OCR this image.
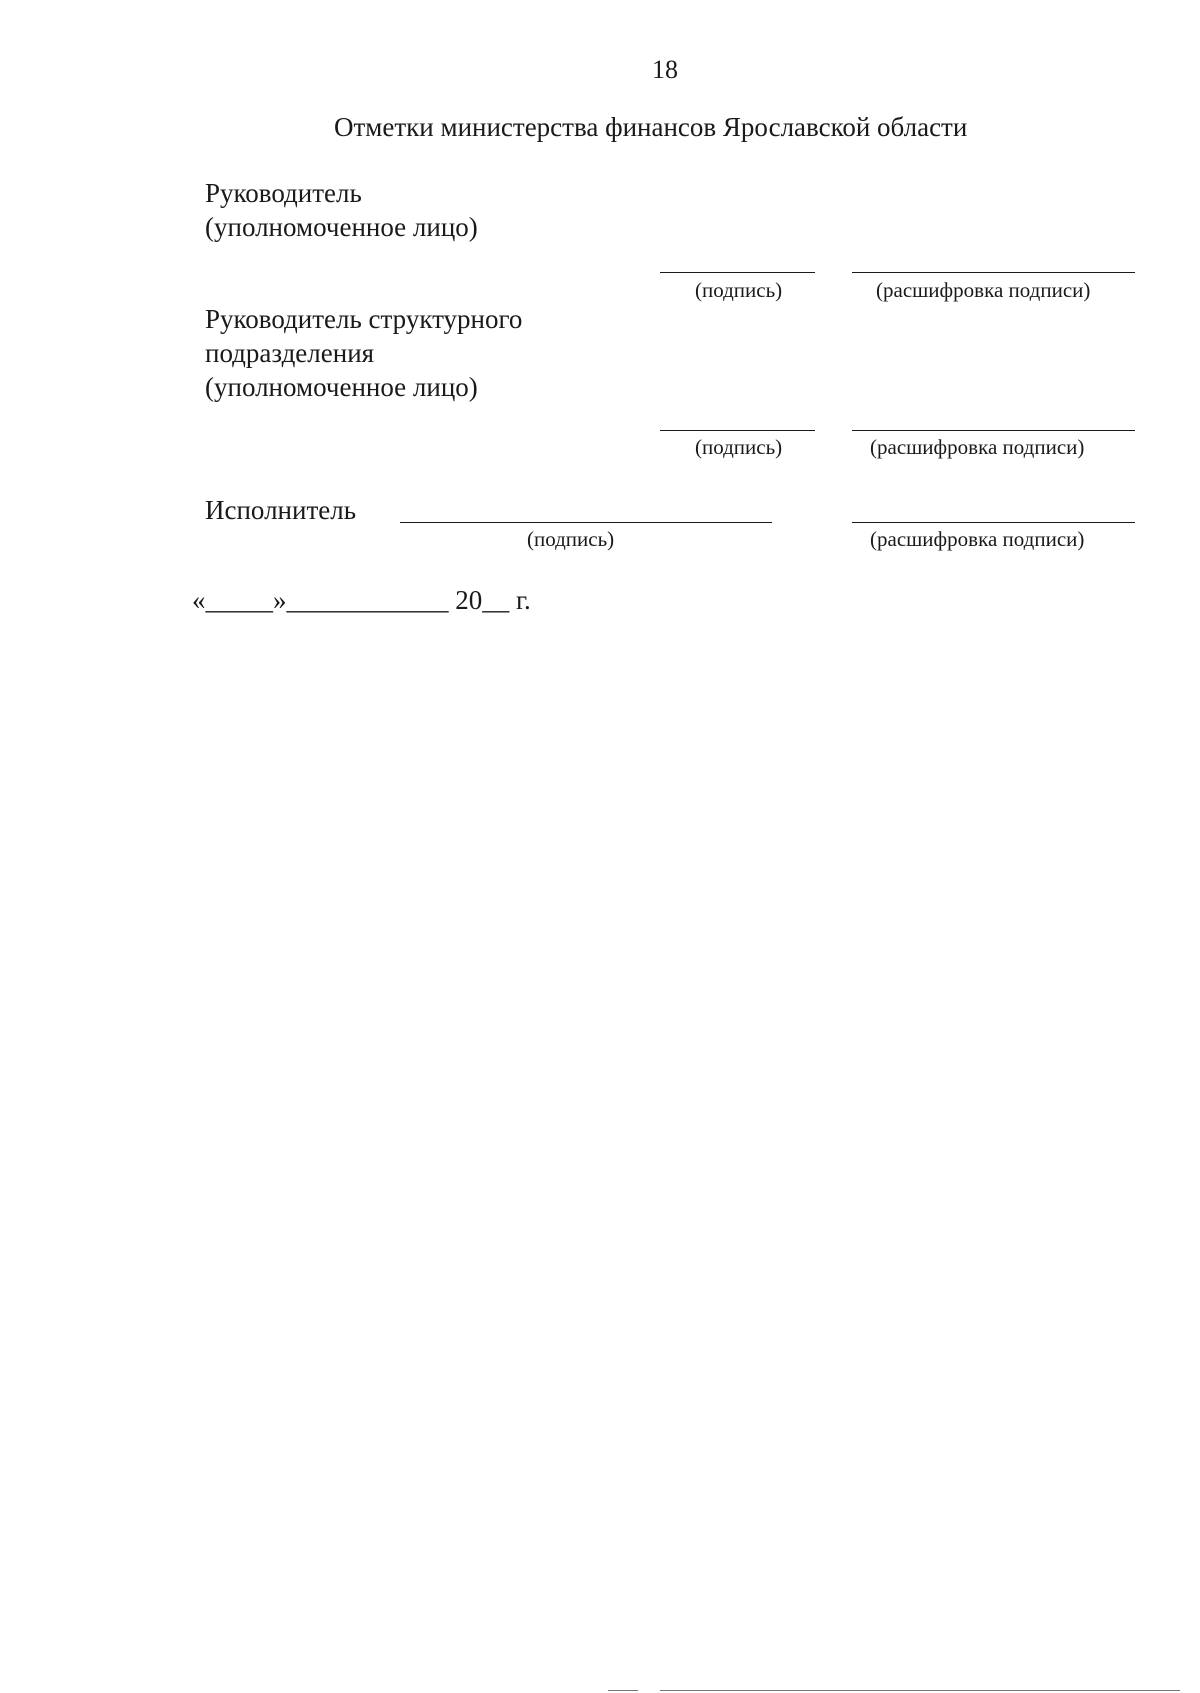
18
Отметки министерства финансов Ярославской области
Руководитель
(уполномоченное лицо)
(подпись)	(расшифровка подписи)
Руководитель структурного
подразделения
(уполномоченное лицо)
(подпись)	(расшифровка подписи)
Исполнитель
(подпись)	(расшифровка подписи)
«_____»____________ 20__ г.
